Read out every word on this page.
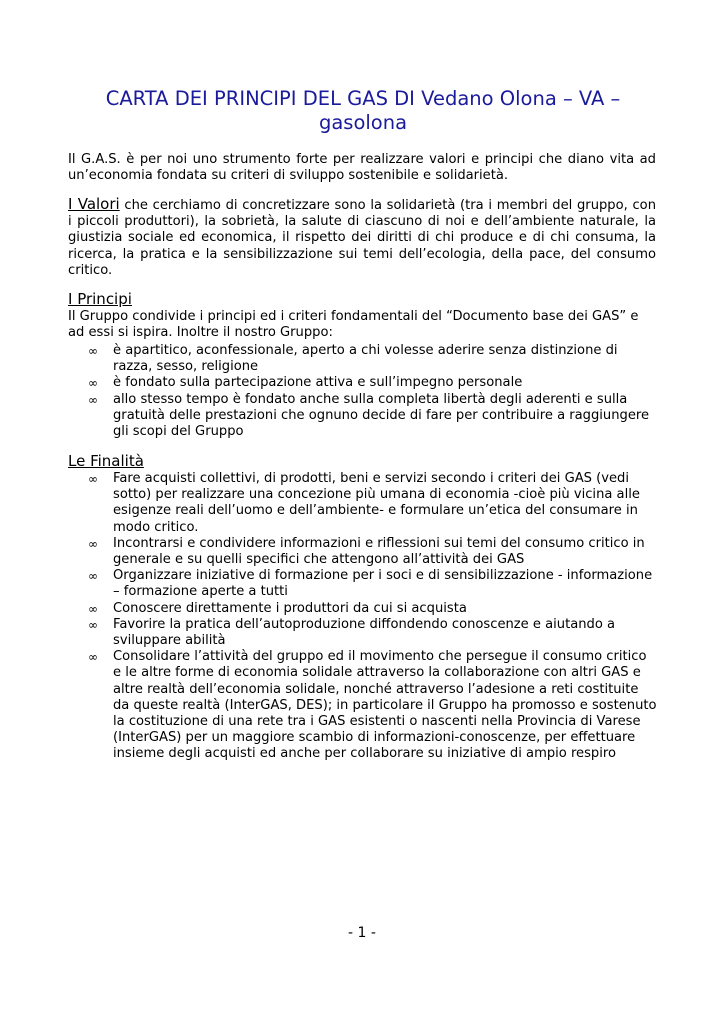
CARTA DEI PRINCIPI DEL GAS DI Vedano Olona – VA – gasolona
Il G.A.S. è per noi uno strumento forte per realizzare valori e principi che diano vita ad un’economia fondata su criteri di sviluppo sostenibile e solidarietà.
I Valori che cerchiamo di concretizzare sono la solidarietà (tra i membri del gruppo, con i piccoli produttori), la sobrietà, la salute di ciascuno di noi e dell’ambiente naturale, la giustizia sociale ed economica, il rispetto dei diritti di chi produce e di chi consuma, la ricerca, la pratica e la sensibilizzazione sui temi dell’ecologia, della pace, del consumo critico.
I Principi
Il Gruppo condivide i principi ed i criteri fondamentali del “Documento base dei GAS” e ad essi si ispira. Inoltre il nostro Gruppo:
∞	è apartitico, aconfessionale, aperto a chi volesse aderire senza distinzione di razza, sesso, religione
∞	è fondato sulla partecipazione attiva e sull’impegno personale
∞	allo stesso tempo è fondato anche sulla completa libertà degli aderenti e sulla gratuità delle prestazioni che ognuno decide di fare per contribuire a raggiungere gli scopi del Gruppo
Le Finalità
∞	Fare acquisti collettivi, di prodotti, beni e servizi secondo i criteri dei GAS (vedi sotto) per realizzare una concezione più umana di economia -cioè più vicina alle esigenze reali dell’uomo e dell’ambiente- e formulare un’etica del consumare in modo critico.
∞	Incontrarsi e condividere informazioni e riflessioni sui temi del consumo critico in generale e su quelli specifici che attengono all’attività dei GAS
∞	Organizzare iniziative di formazione per i soci e di sensibilizzazione - informazione – formazione aperte a tutti
∞	Conoscere direttamente i produttori da cui si acquista
∞	Favorire la pratica dell’autoproduzione diffondendo conoscenze e aiutando a sviluppare abilità
∞	Consolidare l’attività del gruppo ed il movimento che persegue il consumo critico e le altre forme di economia solidale attraverso la collaborazione con altri GAS e altre realtà dell’economia solidale, nonché attraverso l’adesione a reti costituite da queste realtà (InterGAS, DES); in particolare il Gruppo ha promosso e sostenuto la costituzione di una rete tra i GAS esistenti o nascenti nella Provincia di Varese (InterGAS) per un maggiore scambio di informazioni-conoscenze, per effettuare insieme degli acquisti ed anche per collaborare su iniziative di ampio respiro
- 1 -
